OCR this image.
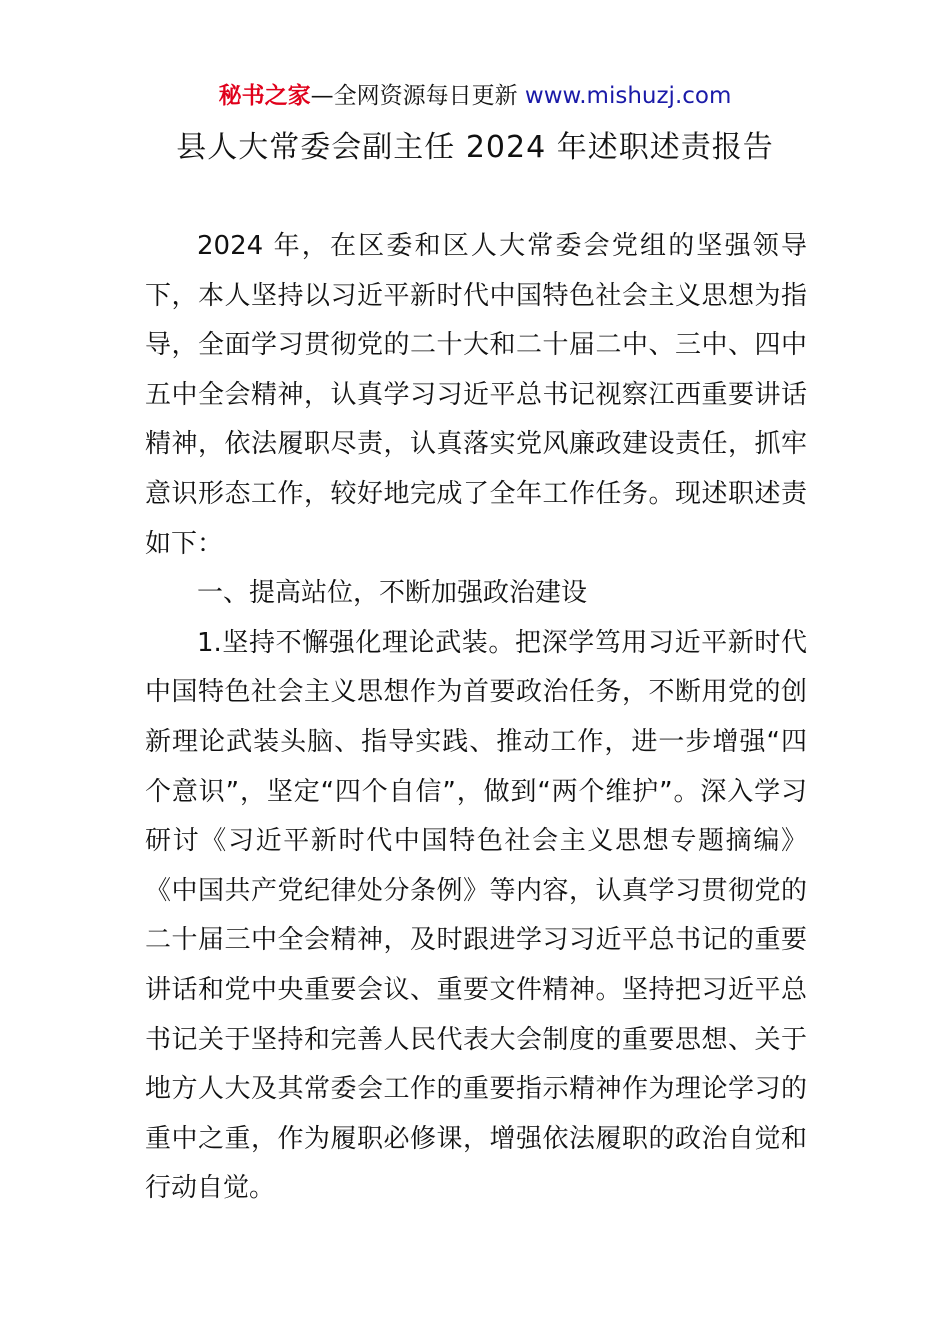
秘书之家—全网资源每日更新 www.mishuzj.com
县人大常委会副主任 2024 年述职述责报告

2024 年，在区委和区人大常委会党组的坚强领导下，本人坚持以习近平新时代中国特色社会主义思想为指导，全面学习贯彻党的二十大和二十届二中、三中、四中五中全会精神，认真学习习近平总书记视察江西重要讲话精神，依法履职尽责，认真落实党风廉政建设责任，抓牢意识形态工作，较好地完成了全年工作任务。现述职述责如下：

一、提高站位，不断加强政治建设

1.坚持不懈强化理论武装。把深学笃用习近平新时代中国特色社会主义思想作为首要政治任务，不断用党的创新理论武装头脑、指导实践、推动工作，进一步增强“四个意识”，坚定“四个自信”，做到“两个维护”。深入学习研讨《习近平新时代中国特色社会主义思想专题摘编》《中国共产党纪律处分条例》等内容，认真学习贯彻党的二十届三中全会精神，及时跟进学习习近平总书记的重要讲话和党中央重要会议、重要文件精神。坚持把习近平总书记关于坚持和完善人民代表大会制度的重要思想、关于地方人大及其常委会工作的重要指示精神作为理论学习的重中之重，作为履职必修课，增强依法履职的政治自觉和行动自觉。
